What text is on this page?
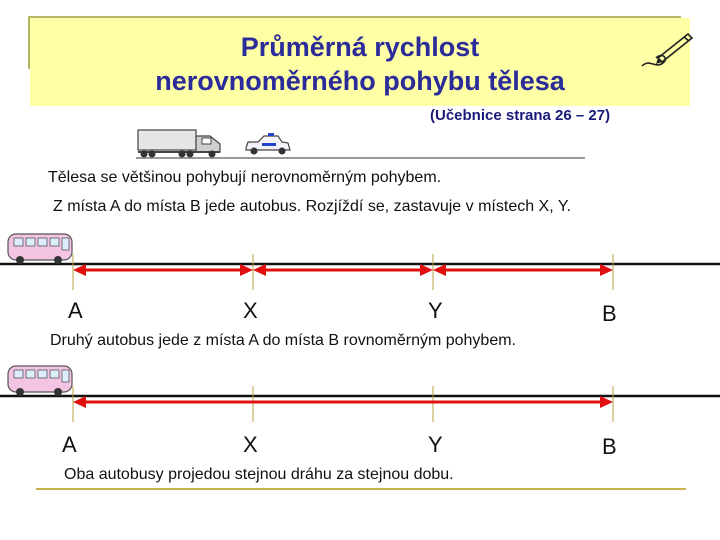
Průměrná rychlost
nerovnoměrného pohybu tělesa
(Učebnice strana 26 – 27)
Tělesa se většinou pohybují nerovnoměrným pohybem.
Z místa A do místa B jede autobus. Rozjíždí se, zastavuje v místech X, Y.
A	X	Y	B
Druhý autobus jede z místa A do místa B rovnoměrným pohybem.
A	X	Y	B
Oba autobusy projedou stejnou dráhu za stejnou dobu.
